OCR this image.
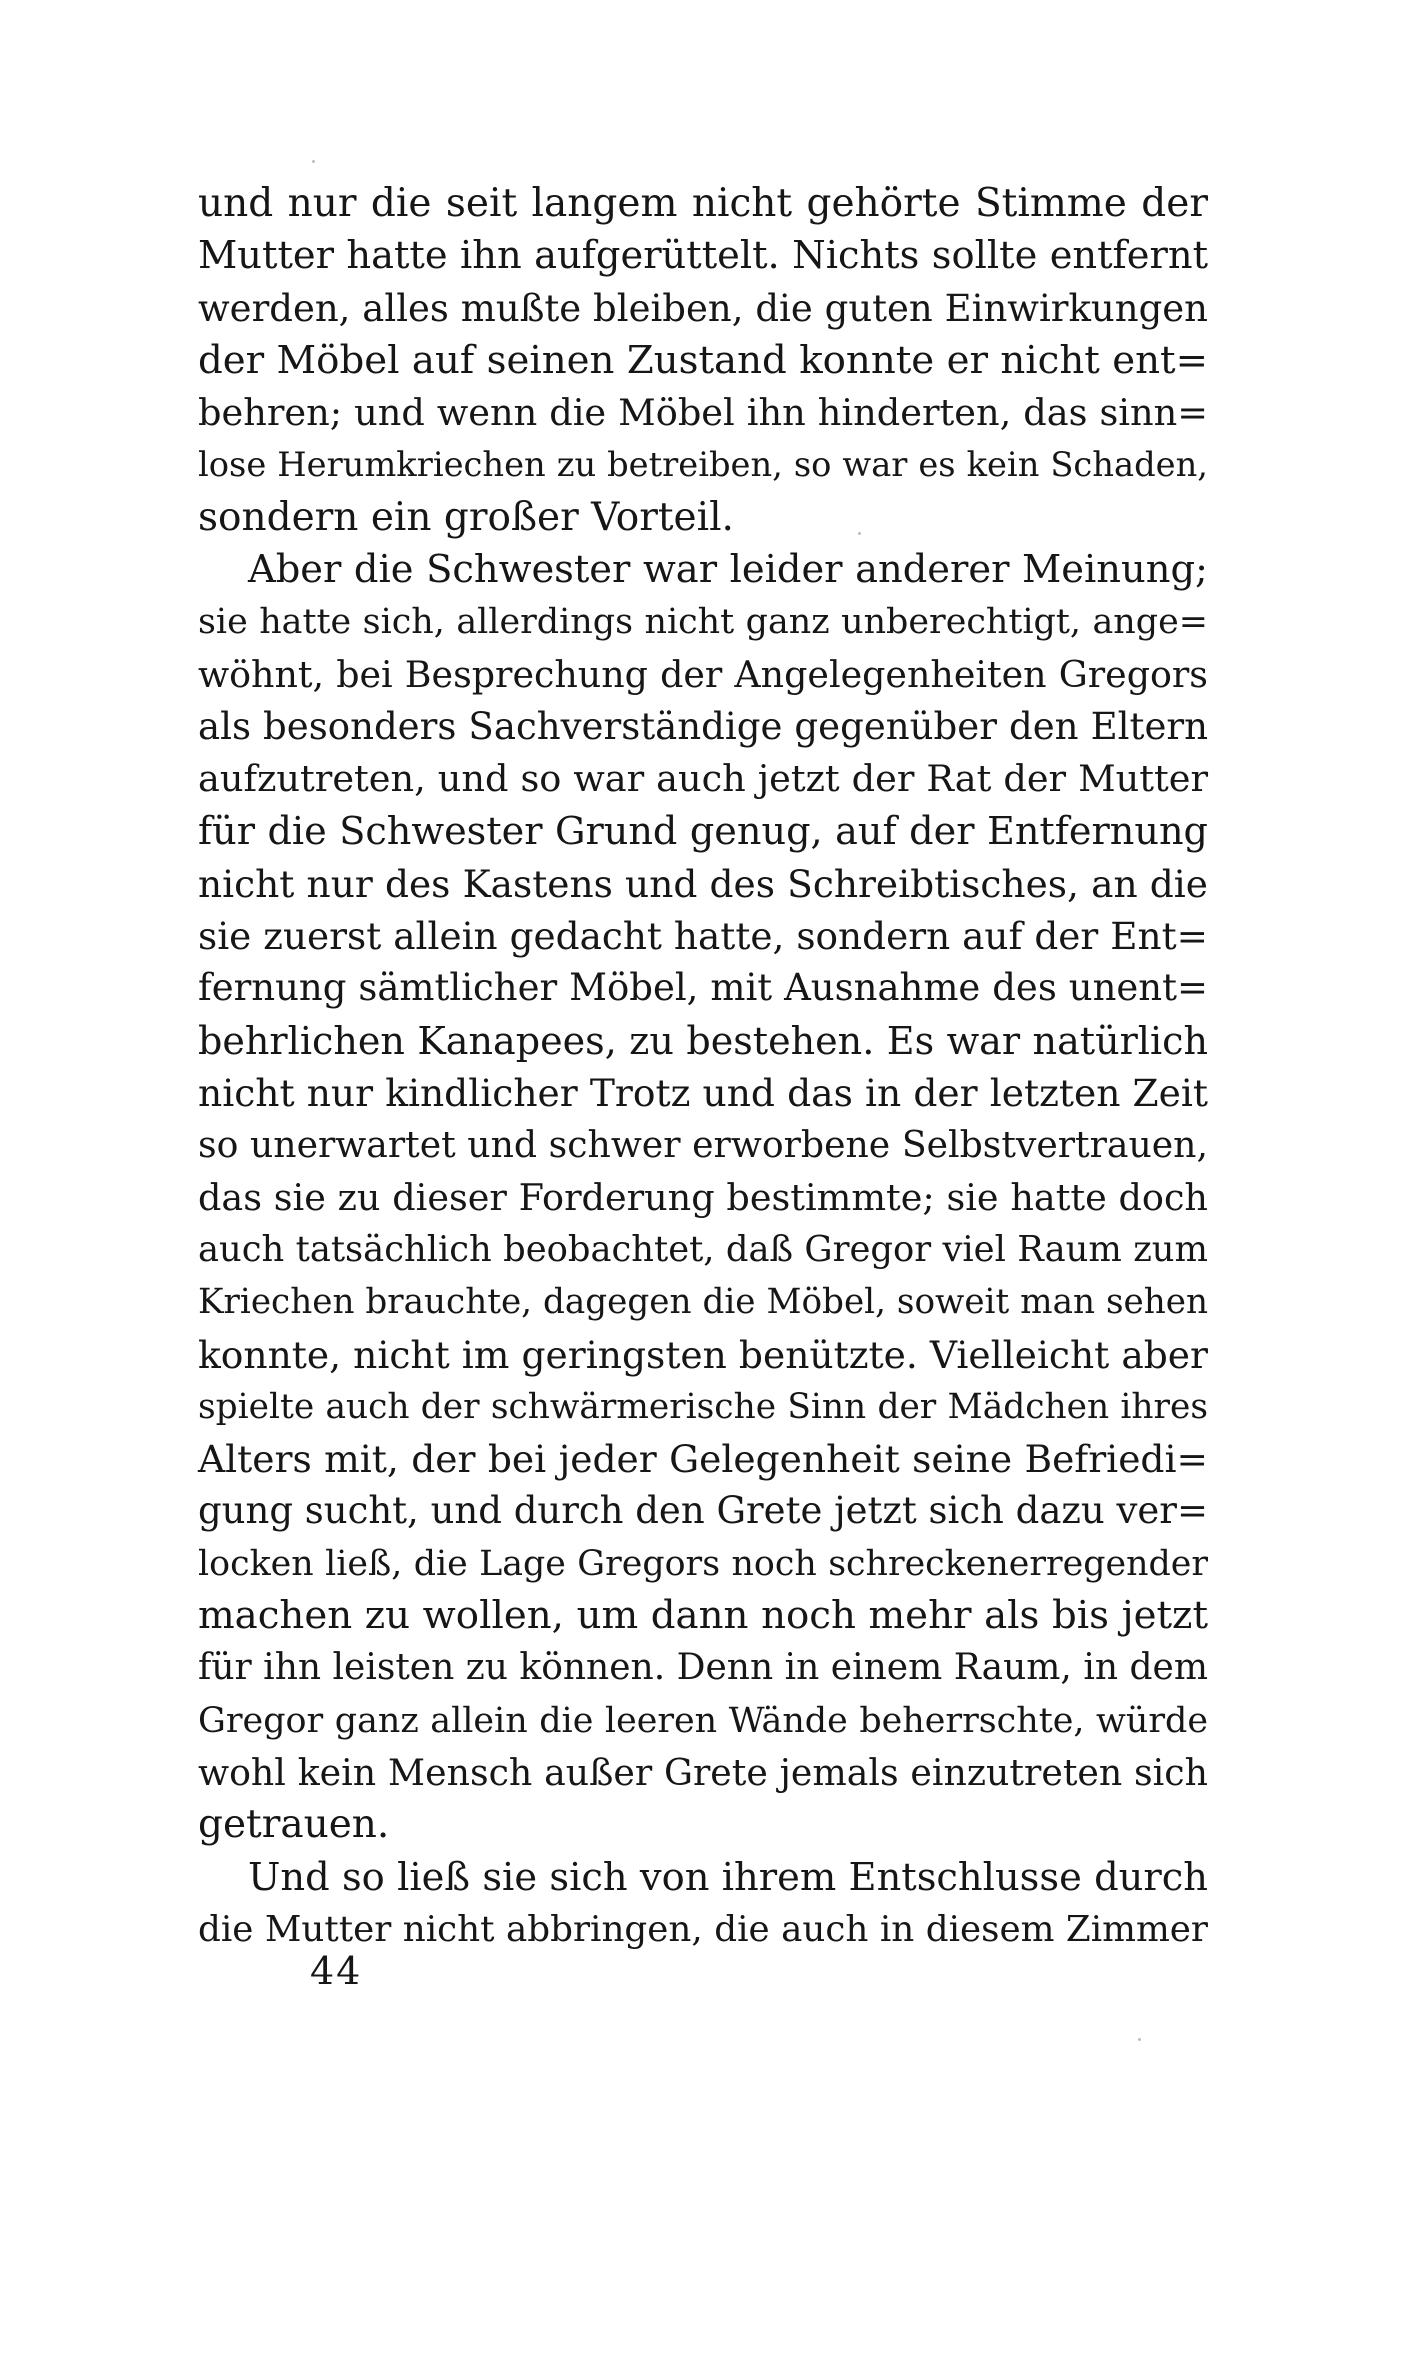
und nur die seit langem nicht gehörte Stimme der
Mutter hatte ihn aufgerüttelt. Nichts sollte entfernt
werden, alles mußte bleiben, die guten Einwirkungen
der Möbel auf seinen Zustand konnte er nicht ent=
behren; und wenn die Möbel ihn hinderten, das sinn=
lose Herumkriechen zu betreiben, so war es kein Schaden,
sondern ein großer Vorteil.
Aber die Schwester war leider anderer Meinung;
sie hatte sich, allerdings nicht ganz unberechtigt, ange=
wöhnt, bei Besprechung der Angelegenheiten Gregors
als besonders Sachverständige gegenüber den Eltern
aufzutreten, und so war auch jetzt der Rat der Mutter
für die Schwester Grund genug, auf der Entfernung
nicht nur des Kastens und des Schreibtisches, an die
sie zuerst allein gedacht hatte, sondern auf der Ent=
fernung sämtlicher Möbel, mit Ausnahme des unent=
behrlichen Kanapees, zu bestehen. Es war natürlich
nicht nur kindlicher Trotz und das in der letzten Zeit
so unerwartet und schwer erworbene Selbstvertrauen,
das sie zu dieser Forderung bestimmte; sie hatte doch
auch tatsächlich beobachtet, daß Gregor viel Raum zum
Kriechen brauchte, dagegen die Möbel, soweit man sehen
konnte, nicht im geringsten benützte. Vielleicht aber
spielte auch der schwärmerische Sinn der Mädchen ihres
Alters mit, der bei jeder Gelegenheit seine Befriedi=
gung sucht, und durch den Grete jetzt sich dazu ver=
locken ließ, die Lage Gregors noch schreckenerregender
machen zu wollen, um dann noch mehr als bis jetzt
für ihn leisten zu können. Denn in einem Raum, in dem
Gregor ganz allein die leeren Wände beherrschte, würde
wohl kein Mensch außer Grete jemals einzutreten sich
getrauen.
Und so ließ sie sich von ihrem Entschlusse durch
die Mutter nicht abbringen, die auch in diesem Zimmer
44
